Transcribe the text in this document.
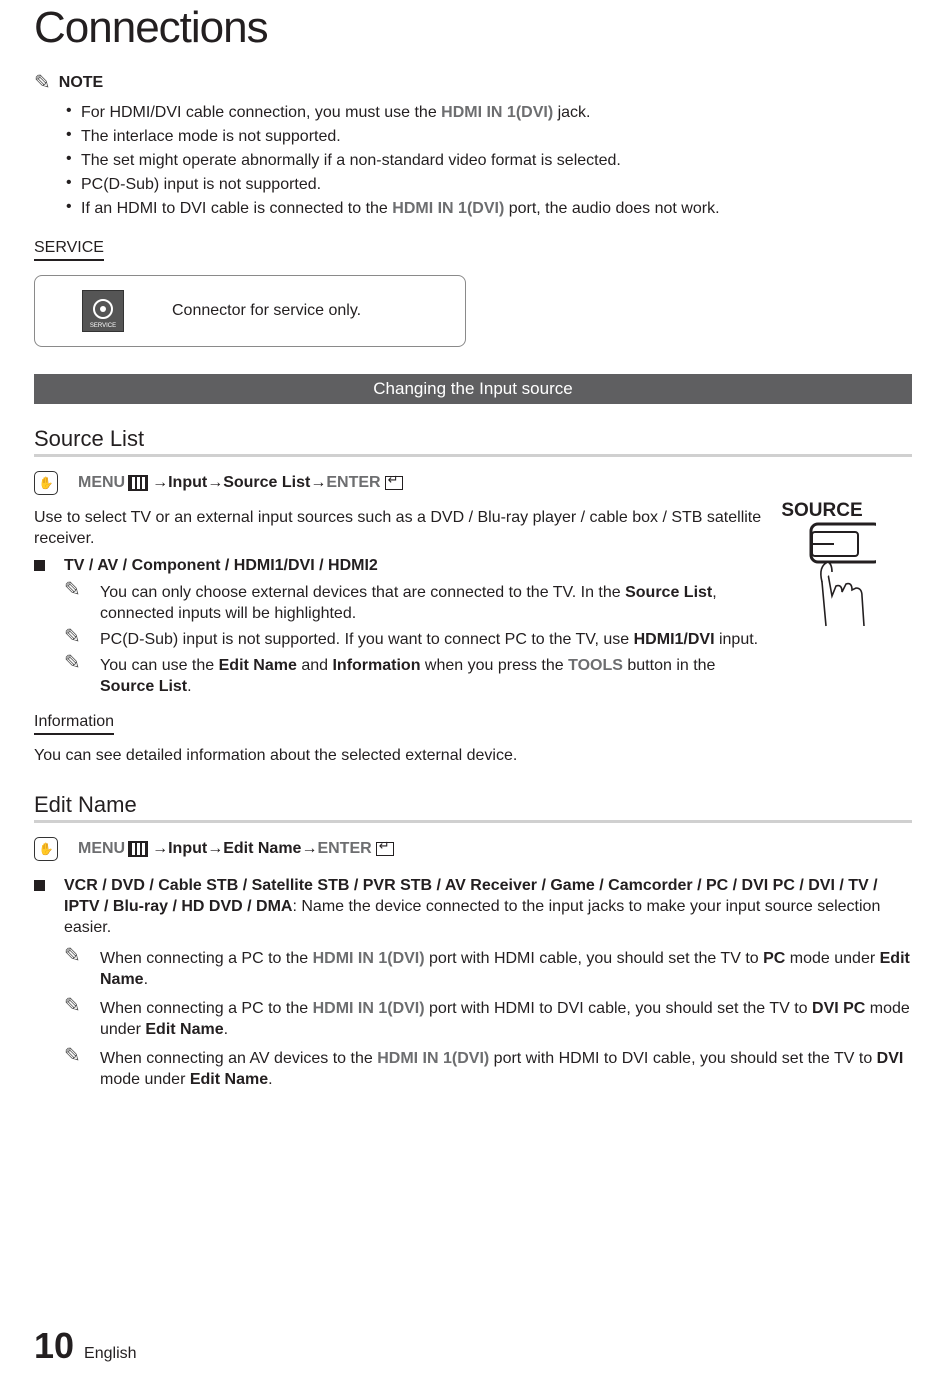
Connections
✎ NOTE
• For HDMI/DVI cable connection, you must use the HDMI IN 1(DVI) jack.
• The interlace mode is not supported.
• The set might operate abnormally if a non-standard video format is selected.
• PC(D-Sub) input is not supported.
• If an HDMI to DVI cable is connected to the HDMI IN 1(DVI) port, the audio does not work.
SERVICE
SERVICE
Connector for service only.
Changing the Input source
Source List
✋ MENU → Input → Source List → ENTER
↵
Use to select TV or an external input sources such as a DVD / Blu-ray player / cable box / STB satellite receiver.
TV / AV / Component / HDMI1/DVI / HDMI2
✎ You can only choose external devices that are connected to the TV. In the Source List, connected inputs will be highlighted.
✎ PC(D-Sub) input is not supported. If you want to connect PC to the TV, use HDMI1/DVI input.
✎ You can use the Edit Name and Information when you press the TOOLS button in the Source List.
Information
You can see detailed information about the selected external device.
Edit Name
✋ MENU → Input → Edit Name → ENTER
↵
VCR / DVD / Cable STB / Satellite STB / PVR STB / AV Receiver / Game / Camcorder / PC / DVI PC / DVI / TV / IPTV / Blu-ray / HD DVD / DMA: Name the device connected to the input jacks to make your input source selection easier.
✎ When connecting a PC to the HDMI IN 1(DVI) port with HDMI cable, you should set the TV to PC mode under Edit Name.
✎ When connecting a PC to the HDMI IN 1(DVI) port with HDMI to DVI cable, you should set the TV to DVI PC mode under Edit Name.
✎ When connecting an AV devices to the HDMI IN 1(DVI) port with HDMI to DVI cable, you should set the TV to DVI mode under Edit Name.
SOURCE
10 English
